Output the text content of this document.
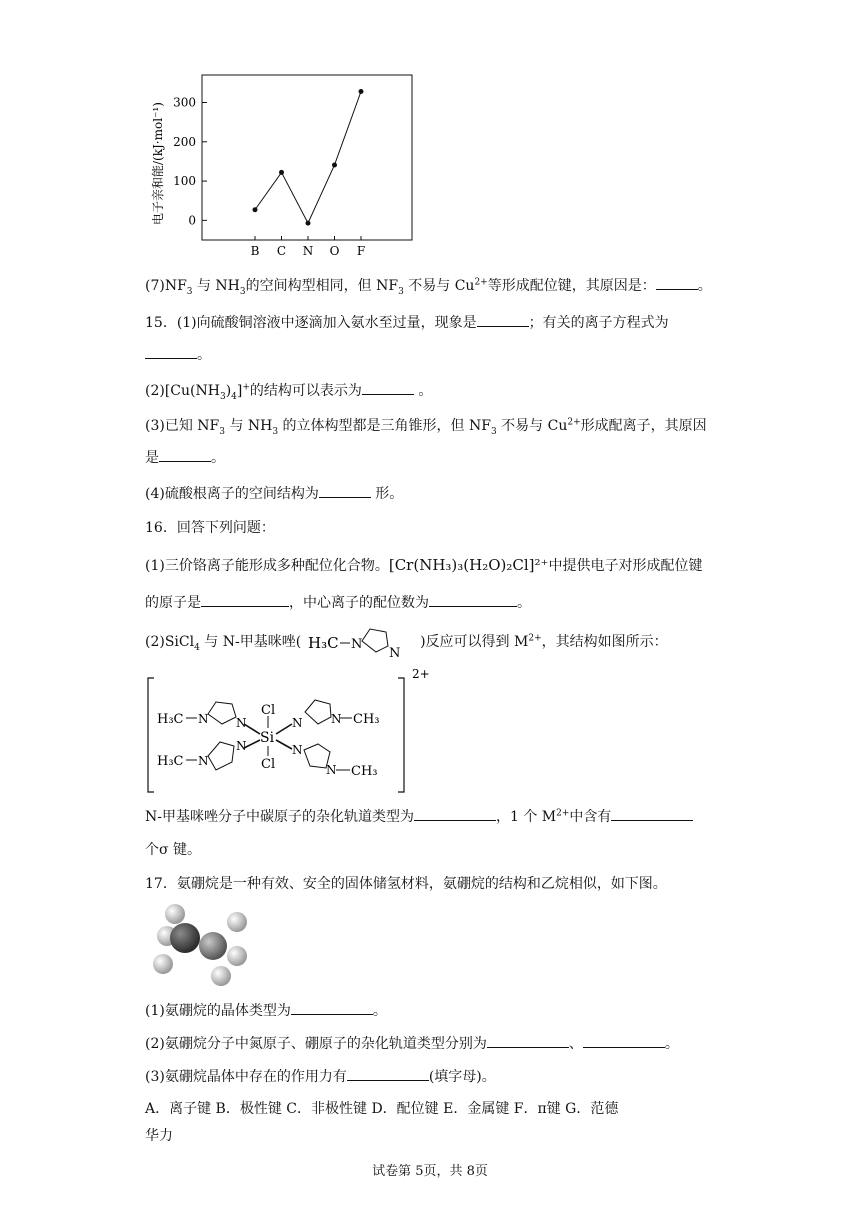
电子亲和能/(kJ·mol⁻¹) 0
100
200
300
B C N O F
$(7)NF_3$ 与 $NH_3$的空间构型相同，但 $NF_3$ 不易与 $Cu^{2+}$等形成配位键，其原因是：	。
15．(1)向硫酸铜溶液中逐滴加入氨水至过量，现象是	；有关的离子方程式为
。
$(2)[Cu(NH_3)_4]^+$的结构可以表示为	。
(3)已知 $NF_3$ 与 $NH_3$ 的立体构型都是三角锥形，但 $NF_3$ 不易与 $Cu^{2+}$形成配离子，其原因
是	。
(4)硫酸根离子的空间结构为	形。
16．回答下列问题：
(1)三价铬离子能形成多种配位化合物。[Cr(NH₃)₃(H₂O)₂Cl]²⁺中提供电子对形成配位键
的原子是	，中心离子的配位数为	。
(2)SiCl$_4$ 与 N-甲基咪唑( H₃C N
N
)反应可以得到 $M^{2+}$，其结构如图所示：
2+
H₃C N N	N N CH₃
H₃C N
N	N
N CH₃
Cl
Si
Cl
N-甲基咪唑分子中碳原子的杂化轨道类型为	，1 个 $M^{2+}$中含有
个σ 键。
17．氨硼烷是一种有效、安全的固体储氢材料，氨硼烷的结构和乙烷相似，如下图。
(1)氨硼烷的晶体类型为	。
(2)氨硼烷分子中氮原子、硼原子的杂化轨道类型分别为	、	。
(3)氨硼烷晶体中存在的作用力有	(填字母)。
A．离子键 B．极性键 C．非极性键 D．配位键 E．金属键 F．π键 G．范德
华力
试卷第 5页，共 8页
